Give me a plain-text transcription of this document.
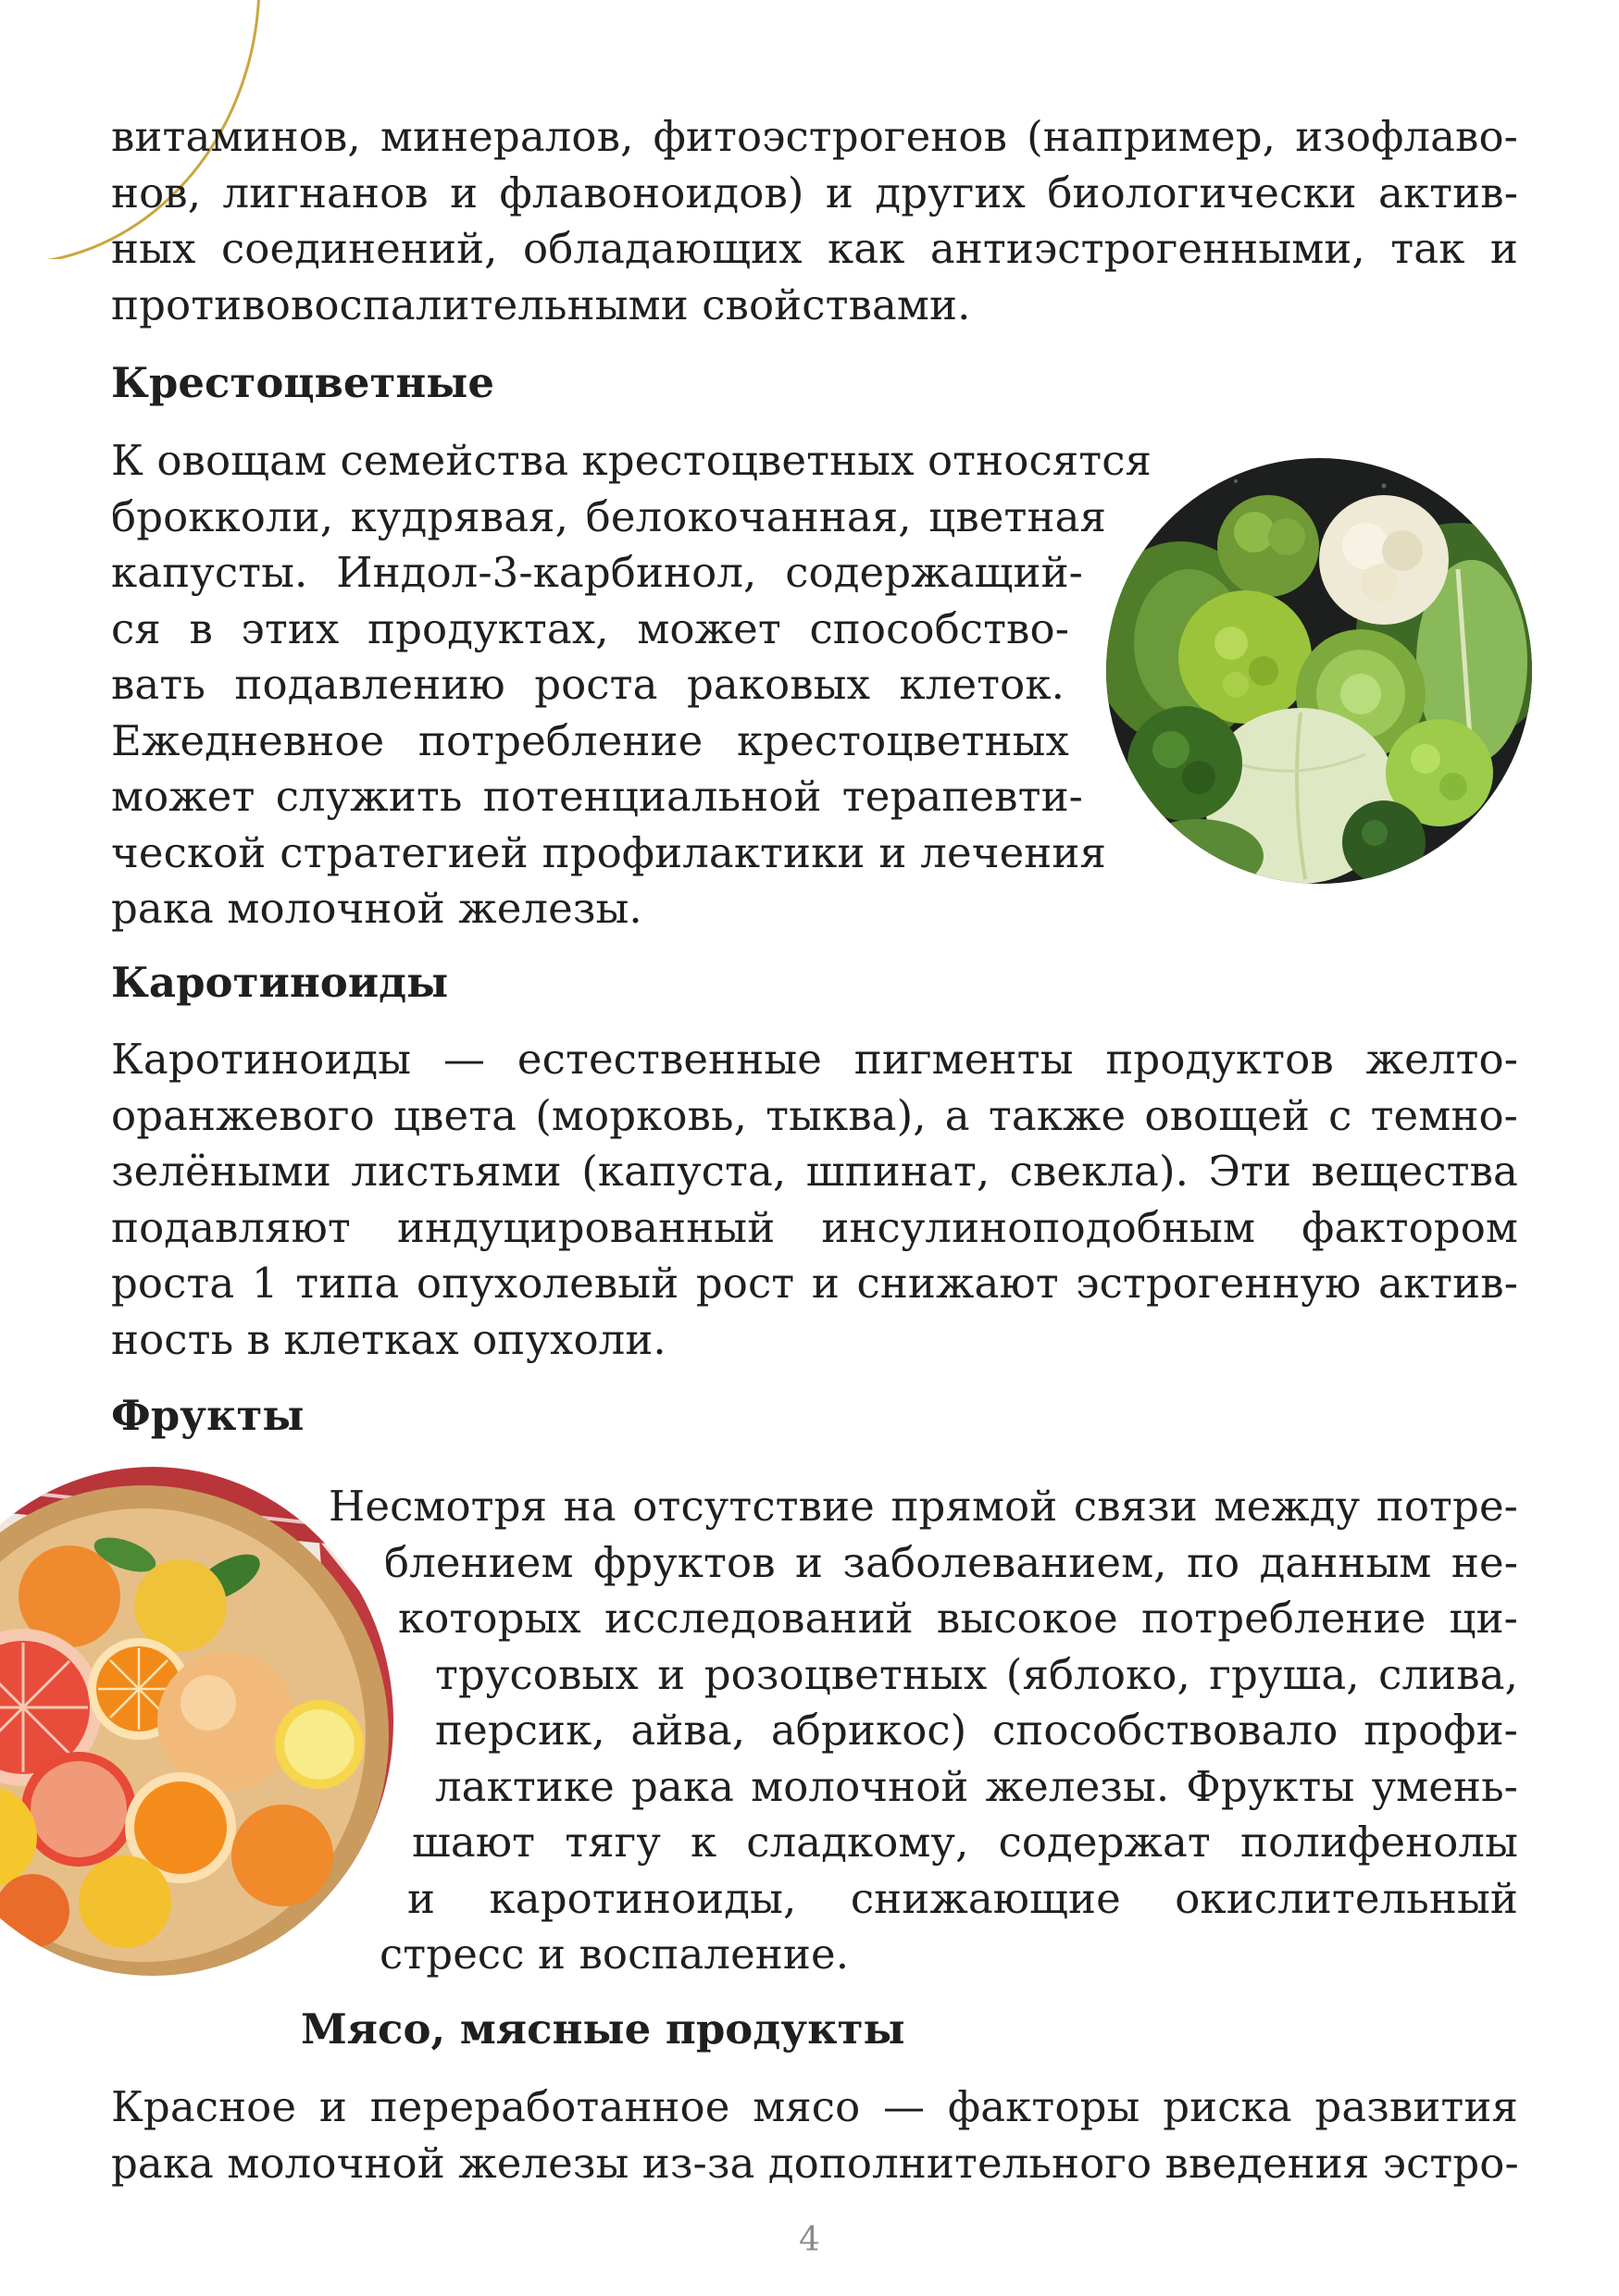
витаминов, минералов, фитоэстрогенов (например, изофлаво-
нов, лигнанов и флавоноидов) и других биологически актив-
ных соединений, обладающих как антиэстрогенными, так и
противовоспалительными свойствами.
Крестоцветные
К овощам семейства крестоцветных относятся
брокколи, кудрявая, белокочанная, цветная
капусты. Индол-3-карбинол, содержащий-
ся в этих продуктах, может способство-
вать подавлению роста раковых клеток.
Ежедневное потребление крестоцветных
может служить потенциальной терапевти-
ческой стратегией профилактики и лечения
рака молочной железы.
Каротиноиды
Каротиноиды — естественные пигменты продуктов желто-
оранжевого цвета (морковь, тыква), а также овощей с темно-
зелёными листьями (капуста, шпинат, свекла). Эти вещества
подавляют индуцированный инсулиноподобным фактором
роста 1 типа опухолевый рост и снижают эстрогенную актив-
ность в клетках опухоли.
Фрукты
Несмотря на отсутствие прямой связи между потре-
блением фруктов и заболеванием, по данным не-
которых исследований высокое потребление ци-
трусовых и розоцветных (яблоко, груша, слива,
персик, айва, абрикос) способствовало профи-
лактике рака молочной железы. Фрукты умень-
шают тягу к сладкому, содержат полифенолы
и каротиноиды, снижающие окислительный
стресс и воспаление.
Мясо, мясные продукты
Красное и переработанное мясо — факторы риска развития
рака молочной железы из-за дополнительного введения эстро-
4
